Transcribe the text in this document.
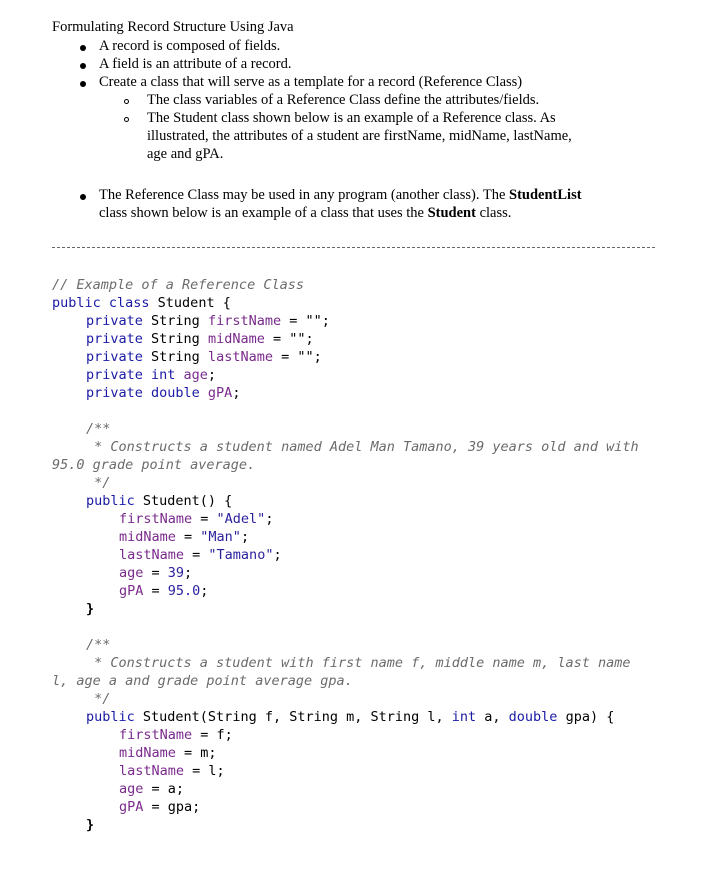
Formulating Record Structure Using Java
A record is composed of fields.
A field is an attribute of a record.
Create a class that will serve as a template for a record (Reference Class)
The class variables of a Reference Class define the attributes/fields.
The Student class shown below is an example of a Reference class. As
illustrated, the attributes of a student are firstName, midName, lastName,
age and gPA.
The Reference Class may be used in any program (another class). The StudentList
class shown below is an example of a class that uses the Student class.

// Example of a Reference Class

public class Student {

private String firstName = "";

private String midName = "";

private String lastName = "";

private int age;

private double gPA;

/**

* Constructs a student named Adel Man Tamano, 39 years old and with

95.0 grade point average.

*/

public Student() {

firstName = "Adel";

midName = "Man";

lastName = "Tamano";

age = 39;

gPA = 95.0;

}

/**

* Constructs a student with first name f, middle name m, last name

l, age a and grade point average gpa.

*/

public Student(String f, String m, String l, int a, double gpa) {

firstName = f;

midName = m;

lastName = l;

age = a;

gPA = gpa;

}
